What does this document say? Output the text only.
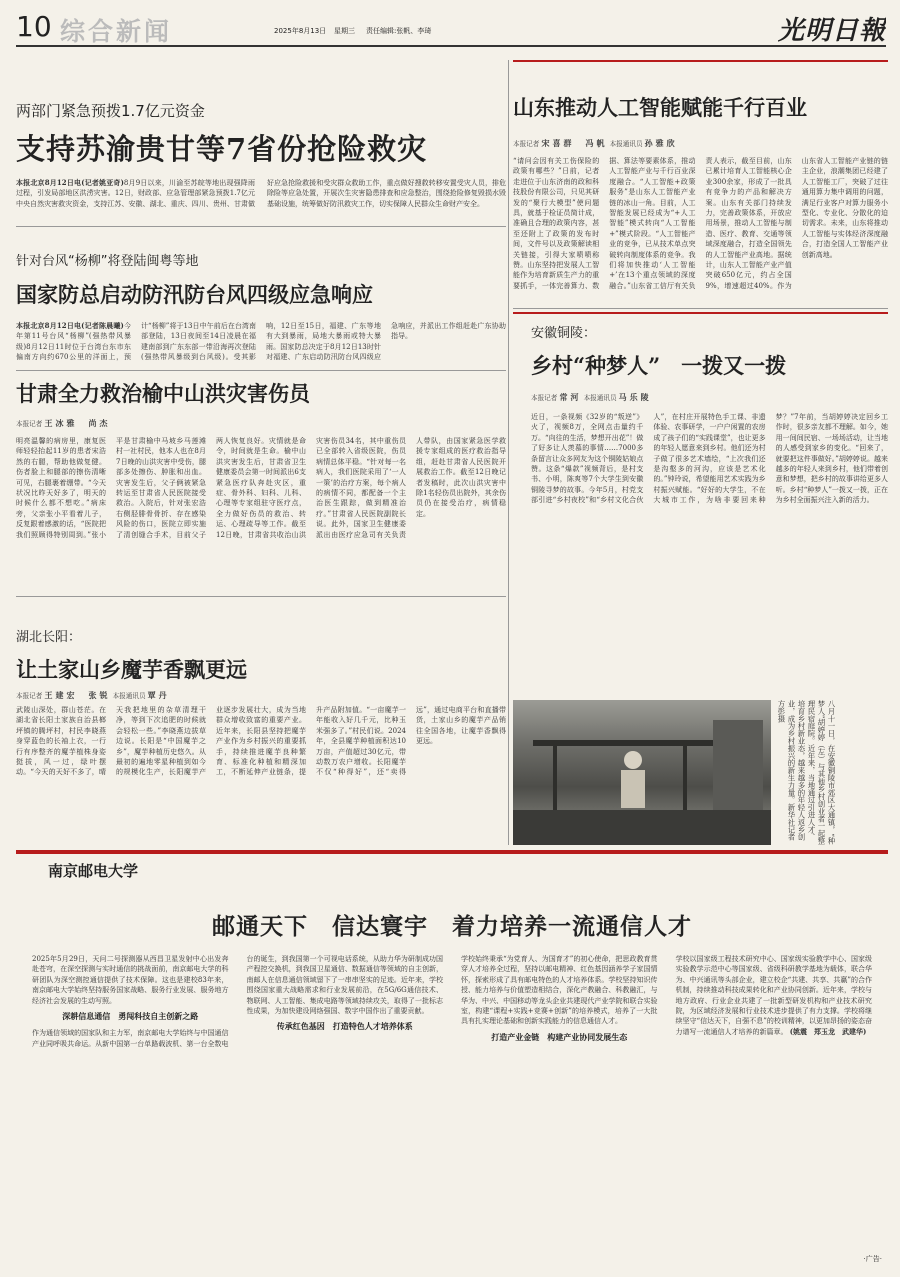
10 综合新闻	2025年8月13日 星期三 责任编辑:张帆、李琦	光明日報
两部门紧急预拨1.7亿元资金
支持苏渝贵甘等7省份抢险救灾
本报北京8月12日电(记者姚亚奇)8月9日以来，川渝至苏皖等地出现强降雨过程，引发局部地区洪涝灾害。12日，财政部、应急管理部紧急预拨1.7亿元中央自然灾害救灾资金，支持江苏、安徽、湖北、重庆、四川、贵州、甘肃做好应急抢险救援和受灾群众救助工作，重点做好搜救转移安置受灾人员，排危除险等应急处置，开展次生灾害隐患排查和应急整治，围绕抢险修复毁损水毁基础设施，统筹做好防汛救灾工作，切实保障人民群众生命财产安全。
针对台风“杨柳”将登陆闽粤等地
国家防总启动防汛防台风四级应急响应
本报北京8月12日电(记者陈晨曦)今年第11号台风“杨柳”(强热带风暴级)8月12日11时位于台湾台东市东偏南方向约670公里的洋面上，预计“杨柳”将于13日中午前后在台湾南部登陆，13日夜间至14日凌晨在福建南部到广东东部一带沿海再次登陆(强热带风暴级到台风级)。受其影响，12日至15日，福建、广东等地有大到暴雨，局地大暴雨或特大暴雨。国家防总决定于8月12日13时针对福建、广东启动防汛防台风四级应急响应，并派出工作组赶赴广东协助指导。
甘肃全力救治榆中山洪灾害伤员
本报记者 王冰雅　尚杰
明亮温馨的病房里，康复医师轻轻抬起11岁的患者宋浩然的右腿，帮助他做复健。伤者脸上和腿部的擦伤清晰可见，右腿裹着绷带。“今天状况比昨天好多了，明天的时候什么都不想吃。”病床旁，父亲张小平看着儿子，反复跟着感激的话，“医院把我们照顾得特别周到。”张小平是甘肃榆中马坡乡马莲滩村一社村民，他本人也在8月7日晚的山洪灾害中受伤，腿部多处擦伤、肿胀和出血。灾害发生后，父子俩被紧急转运至甘肃省人民医院接受救治。入院后，针对张宏浩右侧胫腓骨骨折、存在感染风险的伤口，医院立即实施了清创缝合手术，目前父子两人恢复良好。灾情就是命令，时间就是生命。榆中山洪灾害发生后，甘肃省卫生健康委员会第一时间派出6支紧急医疗队奔赴灾区，重症、骨外科、妇科、儿科、心理等专家组驻守医疗点，全力做好伤员的救治、转运、心理疏导等工作。截至12日晚，甘肃省共收治山洪灾害伤员34名，其中重伤员已全部转入省级医院，伤员病情总体平稳。“针对每一名病人，我们医院采用了‘一人一策’的治疗方案，每个病人的病情不同，都配备一个主治医生跟踪，做到精准治疗。”甘肃省人民医院副院长说。此外，国家卫生健康委派出由医疗应急司有关负责人带队，由国家紧急医学救援专家组成的医疗救治指导组，赶赴甘肃省人民医院开展救治工作。截至12日晚记者发稿时，此次山洪灾害中除1名轻伤员出院外，其余伤员仍在接受治疗，病情稳定。
湖北长阳：
让土家山乡魔芋香飘更远
本报记者 王建宏　张锐 本报通讯员 覃丹
武陵山深处，群山苍茫。在湖北省长阳土家族自治县榔坪镇的腾坪村，村民李晓燕身穿蓝色的长袖上衣，一行行有序整齐的魔芋植株身姿挺拔，风一过，绿叶摆动。“今天的天好不多了，晴天我把地里的杂草清理干净，等到下次追肥的时候就会轻松一些。”李晓燕边拔草边说。长阳是“中国魔芋之乡”，魔芋种植历史悠久。从最初的遍地零星种植到如今的规模化生产，长阳魔芋产业逐步发展壮大，成为当地群众增收致富的重要产业。近年来，长阳县坚持把魔芋产业作为乡村振兴的重要抓手，持续推进魔芋良种繁育、标准化种植和精深加工，不断延伸产业链条，提升产品附加值。“一亩魔芋一年能收入好几千元，比种玉米强多了。”村民们说。2024年，全县魔芋种植面积达10万亩，产值超过30亿元，带动数万农户增收。长阳魔芋不仅“种得好”，还“卖得远”，通过电商平台和直播带货，土家山乡的魔芋产品销往全国各地，让魔芋香飘得更远。
山东推动人工智能赋能千行百业
本报记者 宋喜群　冯帆 本报通讯员 孙雅欣
“请问会因有关工伤保险的政策有哪些？”日前，记者走进位于山东济南的政和科技股份有限公司，只见其研发的“聚行大模型”使问题具，就基于检证员简计成，准确且合理的政策内容，甚至还附上了政策的发布时间，文件号以及政策解读相关链接，引得大家啧啧称赞。山东坚持把发展人工智能作为培育新质生产力的重要抓手，一体完善算力、数据、算法等要素体系，推动人工智能产业与千行百业深度融合。“人工智能+政策服务”是山东人工智能产业链的冰山一角。目前，人工智能发展已经成为“+人工智能”模式转向“人工智能+”模式阶段。“人工智能产业的竞争，已从技术单点突破转向制度体系的竞争。我们将加快推动‘人工智能+’在13个重点领域的深度融合。”山东省工信厅有关负责人表示，截至目前，山东已累计培育人工智能核心企业300余家，形成了一批具有竞争力的产品和解决方案。山东有关部门持续发力，完善政策体系，开放应用场景，推动人工智能与制造、医疗、教育、交通等领域深度融合，打造全国领先的人工智能产业高地。据统计，山东人工智能产业产值突破650亿元，约占全国9%，增速超过40%。作为山东省人工智能产业链的链主企业，浪潮集团已经建了人工智能工厂，突破了过往通用算力集中调用的问题，满足行业客户对算力服务小型化、专业化、分散化的迫切需求。未来，山东将推动人工智能与实体经济深度融合，打造全国人工智能产业创新高地。
安徽铜陵：
乡村“种梦人”　一拨又一拨
本报记者 常河 本报通讯员 马乐陵
近日，一条视频《32岁的“叛逆”》火了，视频8万，全网点击量约千万。“向往的生活，梦想开出花”！做了好多让人羡慕的事情……7000多条留言让众多网友为这个铜陵姑娘点赞。这条“爆款”视频背后，是村支书、小明，陈爽等7个大学生到安徽铜陵寻梦的故事。今年5月，村党支部引进“乡村夜校”和“乡村文化合伙人”，在村庄开展特色手工课、非遗体验、农事研学，一户户闲置的农房成了孩子们的“实践课堂”，也让更多的年轻人愿意来到乡村。他们还为村子做了很多艺术墙绘，“上次我们还是沟壑多的河沟，应该是艺术化的。”钟玲说，希望能用艺术实践为乡村振兴赋能。“好好的大学生，不在大城市工作，为啥非要回来种梦？”7年前，当胡婷婷决定回乡工作时，很多亲友都不理解。如今，她用一间间民宿、一场场活动，让当地的人感受到家乡的变化。“回来了，就要把这件事做好。”胡婷婷说。越来越多的年轻人来到乡村，他们带着创意和梦想，把乡村的故事讲给更多人听。乡村“种梦人”一拨又一拨，正在为乡村全面振兴注入新的活力。
八月十一日，在安徽铜陵市郊区大通镇，“种梦人”胡婷婷（左）与其他乡村创业者一起整理民宿庭院。近年来，当地通过引进人才、培育乡村新业态，越来越多的年轻人返乡创业，成为乡村振兴的新生力量。新华社记者 方彭摄
南京邮电大学
邮通天下　信达寰宇　着力培养一流通信人才
2025年5月29日，天问二号探测器从西昌卫星发射中心出发奔赴苍穹，在深空探测与实时通信的挑战面前，南京邮电大学的科研团队为深空测控通信提供了技术保障。这也是建校83年来，南京邮电大学始终坚持服务国家战略、服务行业发展、服务地方经济社会发展的生动写照。
深耕信息通信　勇闯科技自主创新之路
作为通信领域的国家队和主力军，南京邮电大学始终与中国通信产业同呼吸共命运。从新中国第一台单路载波机、第一台全数电台的诞生，到我国第一个可视电话系统，从助力华为研制成功国产程控交换机，到我国卫星通信、数据通信等领域的自主创新，南邮人在信息通信领域留下了一串串坚实的足迹。近年来，学校围绕国家重大战略需求和行业发展前沿，在5G/6G通信技术、物联网、人工智能、集成电路等领域持续攻关，取得了一批标志性成果，为加快建设网络强国、数字中国作出了重要贡献。
传承红色基因　打造特色人才培养体系
学校始终秉承“为党育人、为国育才”的初心使命，把思政教育贯穿人才培养全过程，坚持以邮电精神、红色基因涵养学子家国情怀，探索形成了具有邮电特色的人才培养体系。学校坚持知识传授、能力培养与价值塑造相结合，深化产教融合、科教融汇，与华为、中兴、中国移动等龙头企业共建现代产业学院和联合实验室，构建“课程+实践+竞赛+创新”的培养模式，培养了一大批具有扎实理论基础和创新实践能力的信息通信人才。
打造产业金链　构建产业协同发展生态
学校以国家级工程技术研究中心、国家级实验教学中心、国家级实验教学示范中心等国家级、省级科研教学基地为载体，联合华为、中兴通讯等头部企业，建立校企“共建、共享、共赢”的合作机制，持续推动科技成果转化和产业协同创新。近年来，学校与地方政府、行业企业共建了一批新型研发机构和产业技术研究院，为区域经济发展和行业技术进步提供了有力支撑。学校将继续坚守“信达天下，自强不息”的校训精神，以更加昂扬的姿态奋力谱写一流通信人才培养的新篇章。 (姚震　郑玉龙　武建华)
·广告·
